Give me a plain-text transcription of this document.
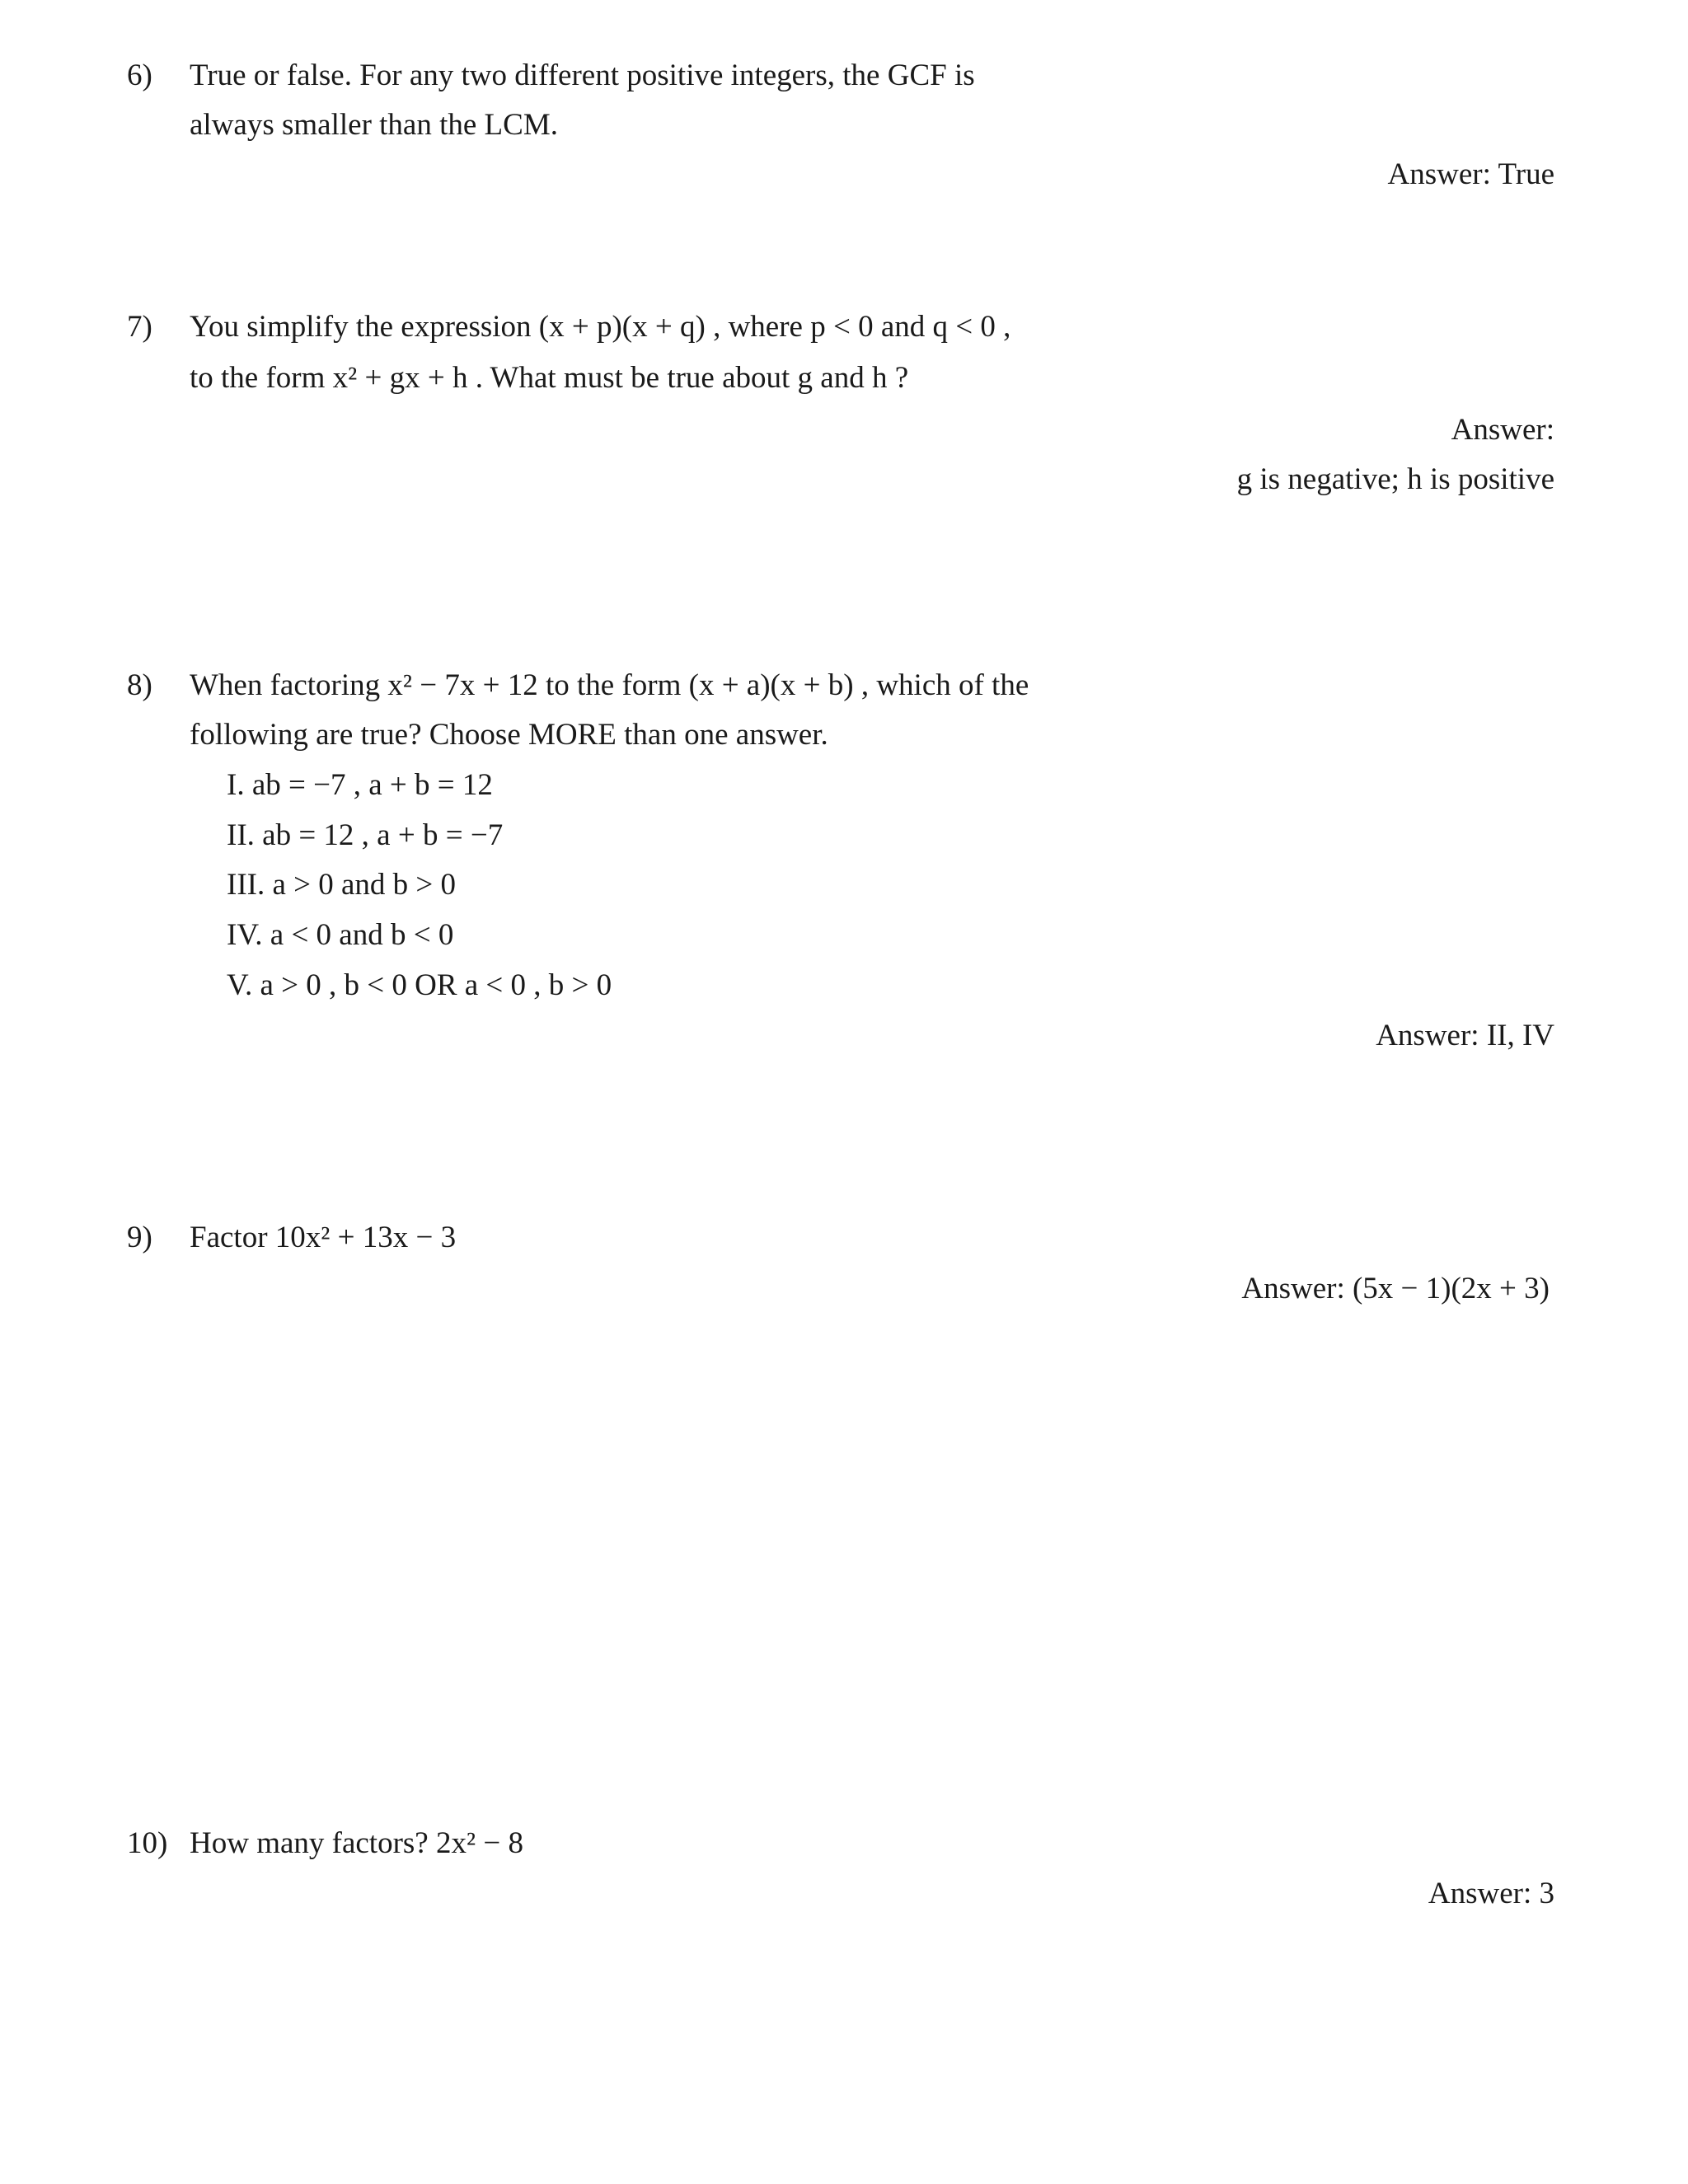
6) True or false. For any two different positive integers, the GCF is
always smaller than the LCM.
Answer: True
7) You simplify the expression (x + p)(x + q) , where p < 0 and q < 0 ,
to the form x² + gx + h . What must be true about g and h ?
Answer:
g is negative; h is positive
8) When factoring x² − 7x + 12 to the form (x + a)(x + b) , which of the
following are true? Choose MORE than one answer.
I. ab = −7 , a + b = 12
II. ab = 12 , a + b = −7
III. a > 0 and b > 0
IV. a < 0 and b < 0
V. a > 0 , b < 0 OR a < 0 , b > 0
Answer: II, IV
9) Factor 10x² + 13x − 3
Answer: (5x − 1)(2x + 3)
10) How many factors? 2x² − 8
Answer: 3
